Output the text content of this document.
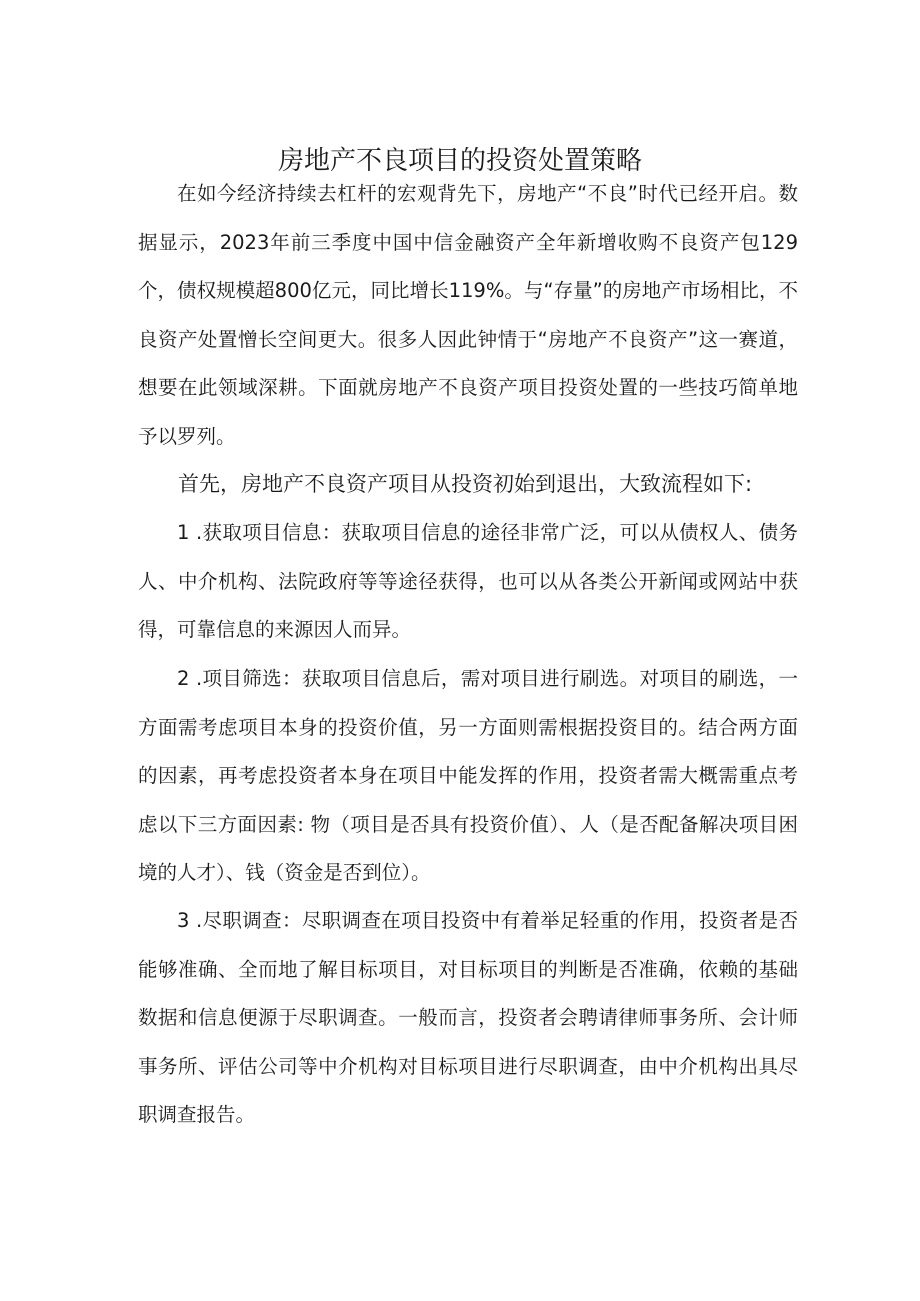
房地产不良项目的投资处置策略

在如今经济持续去杠杆的宏观背先下，房地产“不良”时代已经开启。数据显示，2023年前三季度中国中信金融资产全年新增收购不良资产包129个，债权规模超800亿元，同比增长119%。与“存量”的房地产市场相比，不良资产处置憎长空间更大。很多人因此钟情于“房地产不良资产”这一赛道，想要在此领域深耕。下面就房地产不良资产项目投资处置的一些技巧简单地予以罗列。

首先，房地产不良资产项目从投资初始到退出，大致流程如下:

1 .获取项目信息：获取项目信息的途径非常广泛，可以从债权人、债务人、中介机构、法院政府等等途径获得，也可以从各类公开新闻或网站中获得，可靠信息的来源因人而异。

2 .项目筛选：获取项目信息后，需对项目进行刷选。对项目的刷选，一方面需考虑项目本身的投资价值，另一方面则需根据投资目的。结合两方面的因素，再考虑投资者本身在项目中能发挥的作用，投资者需大概需重点考虑以下三方面因素: 物（项目是否具有投资价值）、人（是否配备解决项目困境的人才）、钱（资金是否到位）。

3 .尽职调查：尽职调查在项目投资中有着举足轻重的作用，投资者是否能够准确、全而地了解目标项目，对目标项目的判断是否准确，依赖的基础数据和信息便源于尽职调查。一般而言，投资者会聘请律师事务所、会计师事务所、评估公司等中介机构对目标项目进行尽职调查，由中介机构出具尽职调查报告。
